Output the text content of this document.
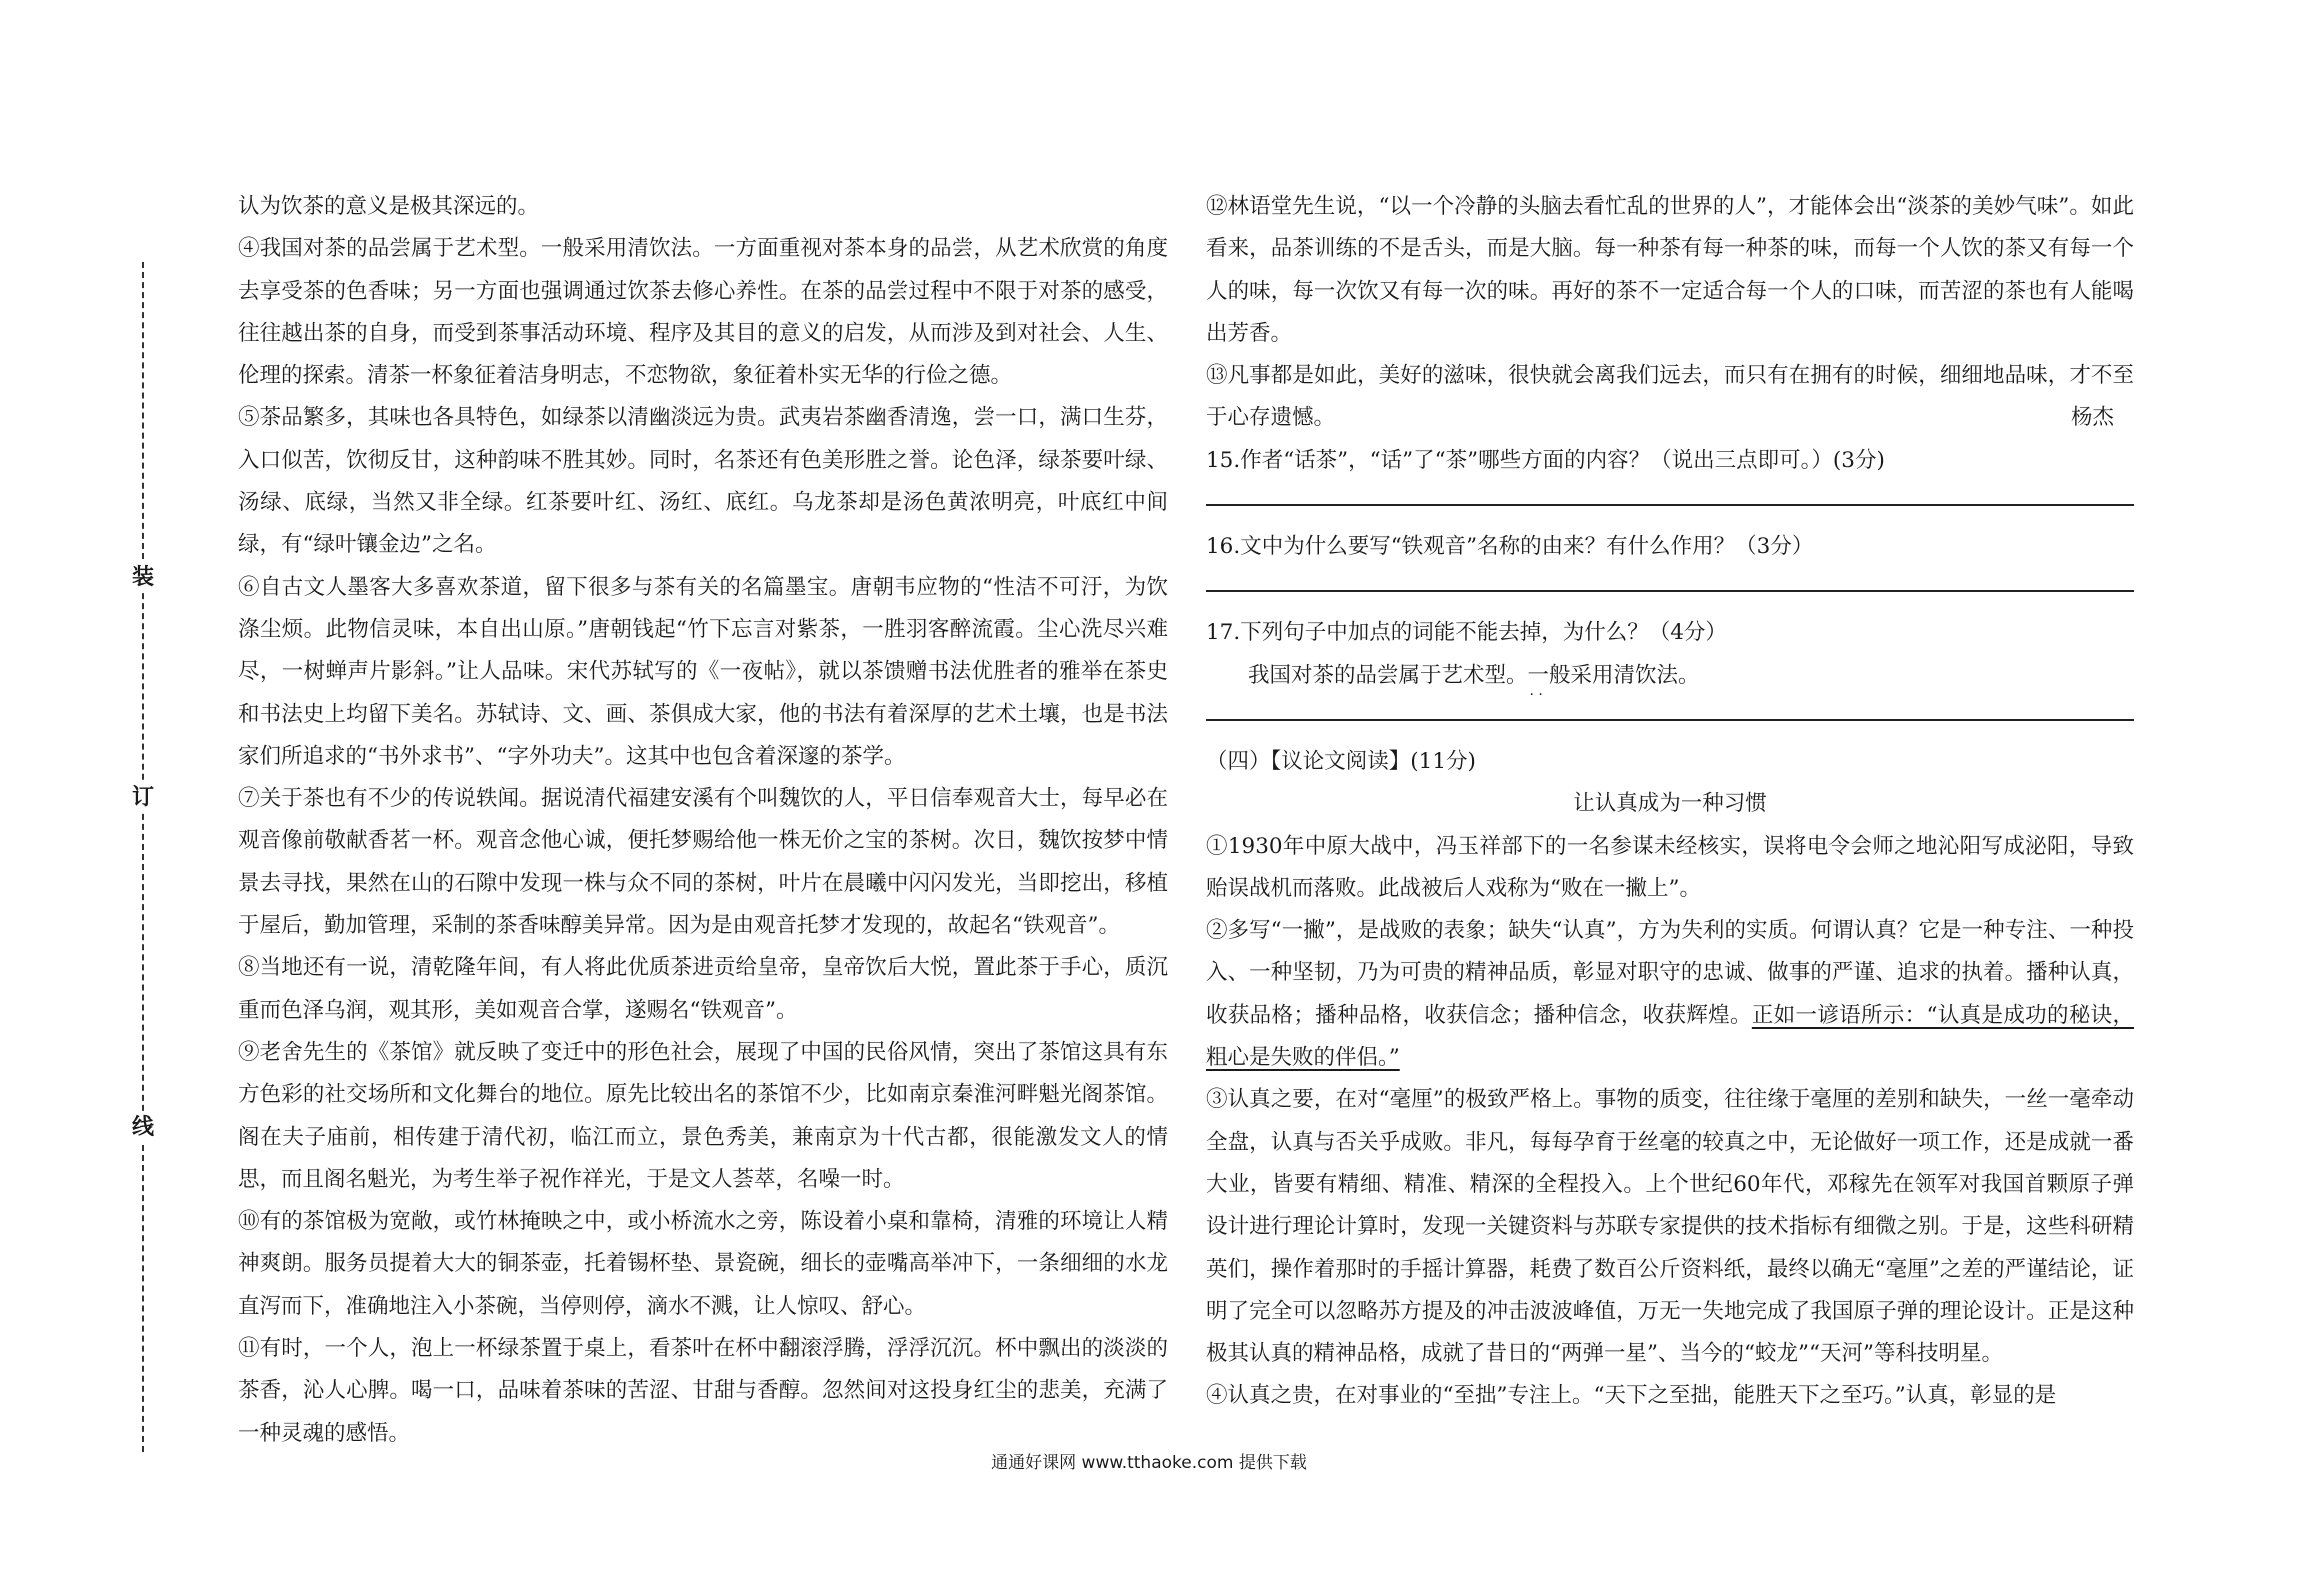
装
订
线

认为饮茶的意义是极其深远的。

④我国对茶的品尝属于艺术型。一般采用清饮法。一方面重视对茶本身的品尝，从艺术欣赏的角度去享受茶的色香味；另一方面也强调通过饮茶去修心养性。在茶的品尝过程中不限于对茶的感受，往往越出茶的自身，而受到茶事活动环境、程序及其目的意义的启发，从而涉及到对社会、人生、伦理的探索。清茶一杯象征着洁身明志，不恋物欲，象征着朴实无华的行俭之德。

⑤茶品繁多，其味也各具特色，如绿茶以清幽淡远为贵。武夷岩茶幽香清逸，尝一口，满口生芬，入口似苦，饮彻反甘，这种韵味不胜其妙。同时，名茶还有色美形胜之誉。论色泽，绿茶要叶绿、汤绿、底绿，当然又非全绿。红茶要叶红、汤红、底红。乌龙茶却是汤色黄浓明亮，叶底红中间绿，有“绿叶镶金边”之名。

⑥自古文人墨客大多喜欢茶道，留下很多与茶有关的名篇墨宝。唐朝韦应物的“性洁不可汙，为饮涤尘烦。此物信灵味，本自出山原。”唐朝钱起“竹下忘言对紫茶，一胜羽客醉流霞。尘心洗尽兴难尽，一树蝉声片影斜。”让人品味。宋代苏轼写的《一夜帖》，就以茶馈赠书法优胜者的雅举在茶史和书法史上均留下美名。苏轼诗、文、画、茶俱成大家，他的书法有着深厚的艺术土壤，也是书法家们所追求的“书外求书”、“字外功夫”。这其中也包含着深邃的茶学。

⑦关于茶也有不少的传说轶闻。据说清代福建安溪有个叫魏饮的人，平日信奉观音大士，每早必在观音像前敬献香茗一杯。观音念他心诚，便托梦赐给他一株无价之宝的茶树。次日，魏饮按梦中情景去寻找，果然在山的石隙中发现一株与众不同的茶树，叶片在晨曦中闪闪发光，当即挖出，移植于屋后，勤加管理，采制的茶香味醇美异常。因为是由观音托梦才发现的，故起名“铁观音”。

⑧当地还有一说，清乾隆年间，有人将此优质茶进贡给皇帝，皇帝饮后大悦，置此茶于手心，质沉重而色泽乌润，观其形，美如观音合掌，遂赐名“铁观音”。

⑨老舍先生的《茶馆》就反映了变迁中的形色社会，展现了中国的民俗风情，突出了茶馆这具有东方色彩的社交场所和文化舞台的地位。原先比较出名的茶馆不少，比如南京秦淮河畔魁光阁茶馆。阁在夫子庙前，相传建于清代初，临江而立，景色秀美，兼南京为十代古都，很能激发文人的情思，而且阁名魁光，为考生举子祝作祥光，于是文人荟萃，名噪一时。

⑩有的茶馆极为宽敞，或竹林掩映之中，或小桥流水之旁，陈设着小桌和靠椅，清雅的环境让人精神爽朗。服务员提着大大的铜茶壶，托着锡杯垫、景瓷碗，细长的壶嘴高举冲下，一条细细的水龙直泻而下，准确地注入小茶碗，当停则停，滴水不溅，让人惊叹、舒心。

⑪有时，一个人，泡上一杯绿茶置于桌上，看茶叶在杯中翻滚浮腾，浮浮沉沉。杯中飘出的淡淡的茶香，沁人心脾。喝一口，品味着茶味的苦涩、甘甜与香醇。忽然间对这投身红尘的悲美，充满了一种灵魂的感悟。

⑫林语堂先生说，“以一个冷静的头脑去看忙乱的世界的人”，才能体会出“淡茶的美妙气味”。如此看来，品茶训练的不是舌头，而是大脑。每一种茶有每一种茶的味，而每一个人饮的茶又有每一个人的味，每一次饮又有每一次的味。再好的茶不一定适合每一个人的口味，而苦涩的茶也有人能喝出芳香。

⑬凡事都是如此，美好的滋味，很快就会离我们远去，而只有在拥有的时候，细细地品味，才不至于心存遗憾。	杨杰

15.作者“话茶”，“话”了“茶”哪些方面的内容？（说出三点即可。）(3分)

16.文中为什么要写“铁观音”名称的由来？有什么作用？（3分）

17.下列句子中加点的词能不能去掉，为什么？（4分）

我国对茶的品尝属于艺术型。一般 · ·采用清饮法。

（四）【议论文阅读】(11分)

让认真成为一种习惯

①1930年中原大战中，冯玉祥部下的一名参谋未经核实，误将电令会师之地沁阳写成泌阳，导致贻误战机而落败。此战被后人戏称为“败在一撇上”。

②多写“一撇”，是战败的表象；缺失“认真”，方为失利的实质。何谓认真？它是一种专注、一种投入、一种坚韧，乃为可贵的精神品质，彰显对职守的忠诚、做事的严谨、追求的执着。播种认真，收获品格；播种品格，收获信念；播种信念，收获辉煌。正如一谚语所示：“认真是成功的秘诀，粗心是失败的伴侣。”

③认真之要，在对“毫厘”的极致严格上。事物的质变，往往缘于毫厘的差别和缺失，一丝一毫牵动全盘，认真与否关乎成败。非凡，每每孕育于丝毫的较真之中，无论做好一项工作，还是成就一番大业，皆要有精细、精准、精深的全程投入。上个世纪60年代，邓稼先在领军对我国首颗原子弹设计进行理论计算时，发现一关键资料与苏联专家提供的技术指标有细微之别。于是，这些科研精英们，操作着那时的手摇计算器，耗费了数百公斤资料纸，最终以确无“毫厘”之差的严谨结论，证明了完全可以忽略苏方提及的冲击波波峰值，万无一失地完成了我国原子弹的理论设计。正是这种极其认真的精神品格，成就了昔日的“两弹一星”、当今的“蛟龙”“天河”等科技明星。

④认真之贵，在对事业的“至拙”专注上。“天下之至拙，能胜天下之至巧。”认真，彰显的是

通通好课网 www.tthaoke.com 提供下载
